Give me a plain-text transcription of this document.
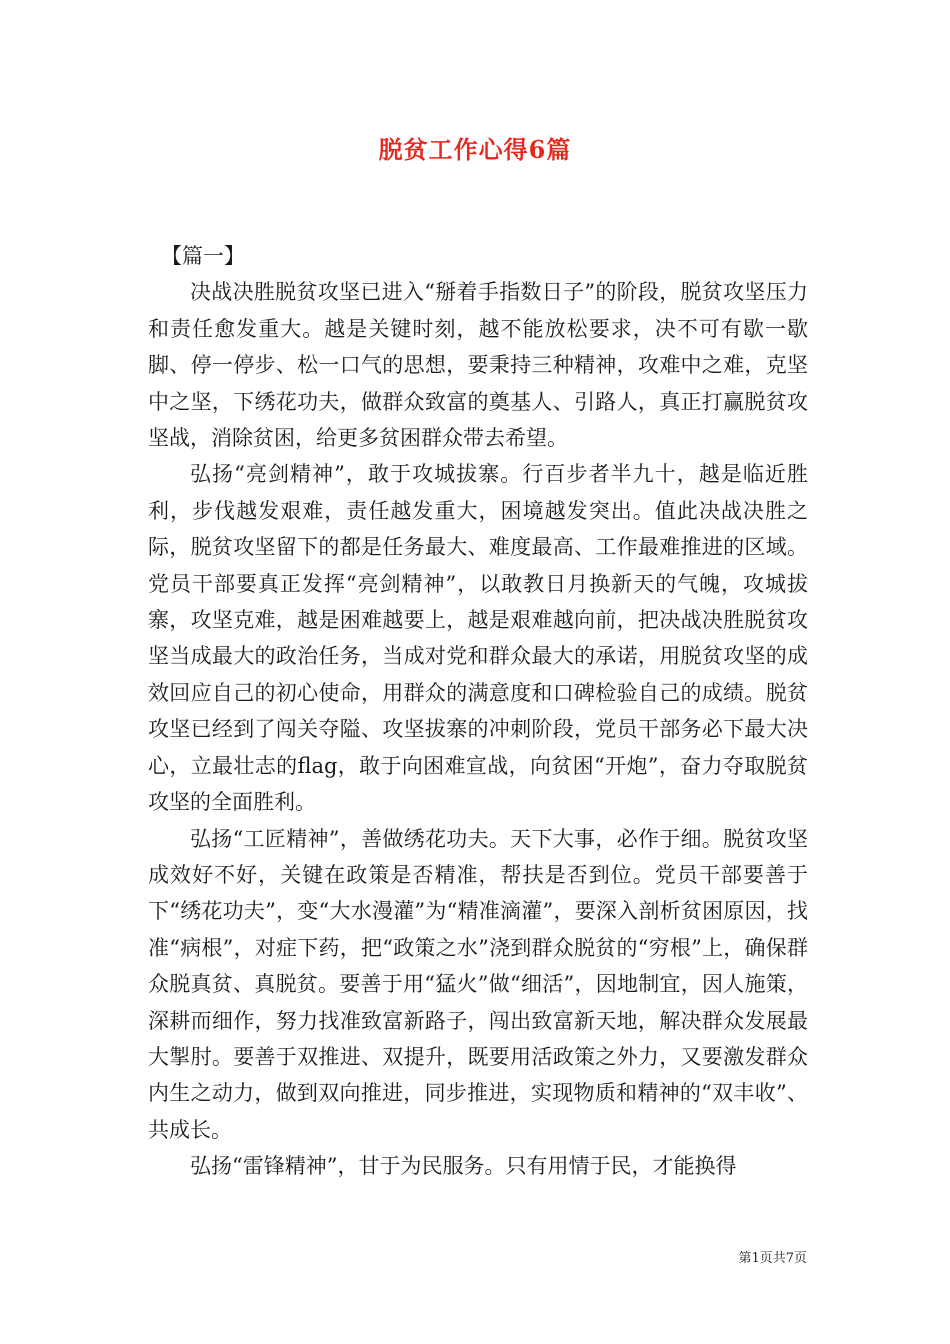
脱贫工作心得6篇

【篇一】

决战决胜脱贫攻坚已进入“掰着手指数日子”的阶段，脱贫攻坚压力和责任愈发重大。越是关键时刻，越不能放松要求，决不可有歇一歇脚、停一停步、松一口气的思想，要秉持三种精神，攻难中之难，克坚中之坚，下绣花功夫，做群众致富的奠基人、引路人，真正打赢脱贫攻坚战，消除贫困，给更多贫困群众带去希望。

弘扬“亮剑精神”，敢于攻城拔寨。行百步者半九十，越是临近胜利，步伐越发艰难，责任越发重大，困境越发突出。值此决战决胜之际，脱贫攻坚留下的都是任务最大、难度最高、工作最难推进的区域。党员干部要真正发挥“亮剑精神”，以敢教日月换新天的气魄，攻城拔寨，攻坚克难，越是困难越要上，越是艰难越向前，把决战决胜脱贫攻坚当成最大的政治任务，当成对党和群众最大的承诺，用脱贫攻坚的成效回应自己的初心使命，用群众的满意度和口碑检验自己的成绩。脱贫攻坚已经到了闯关夺隘、攻坚拔寨的冲刺阶段，党员干部务必下最大决心，立最壮志的flag，敢于向困难宣战，向贫困“开炮”，奋力夺取脱贫攻坚的全面胜利。

弘扬“工匠精神”，善做绣花功夫。天下大事，必作于细。脱贫攻坚成效好不好，关键在政策是否精准，帮扶是否到位。党员干部要善于下“绣花功夫”，变“大水漫灌”为“精准滴灌”，要深入剖析贫困原因，找准“病根”，对症下药，把“政策之水”浇到群众脱贫的“穷根”上，确保群众脱真贫、真脱贫。要善于用“猛火”做“细活”，因地制宜，因人施策，深耕而细作，努力找准致富新路子，闯出致富新天地，解决群众发展最大掣肘。要善于双推进、双提升，既要用活政策之外力，又要激发群众内生之动力，做到双向推进，同步推进，实现物质和精神的“双丰收”、共成长。

弘扬“雷锋精神”，甘于为民服务。只有用情于民，才能换得

第1页共7页
